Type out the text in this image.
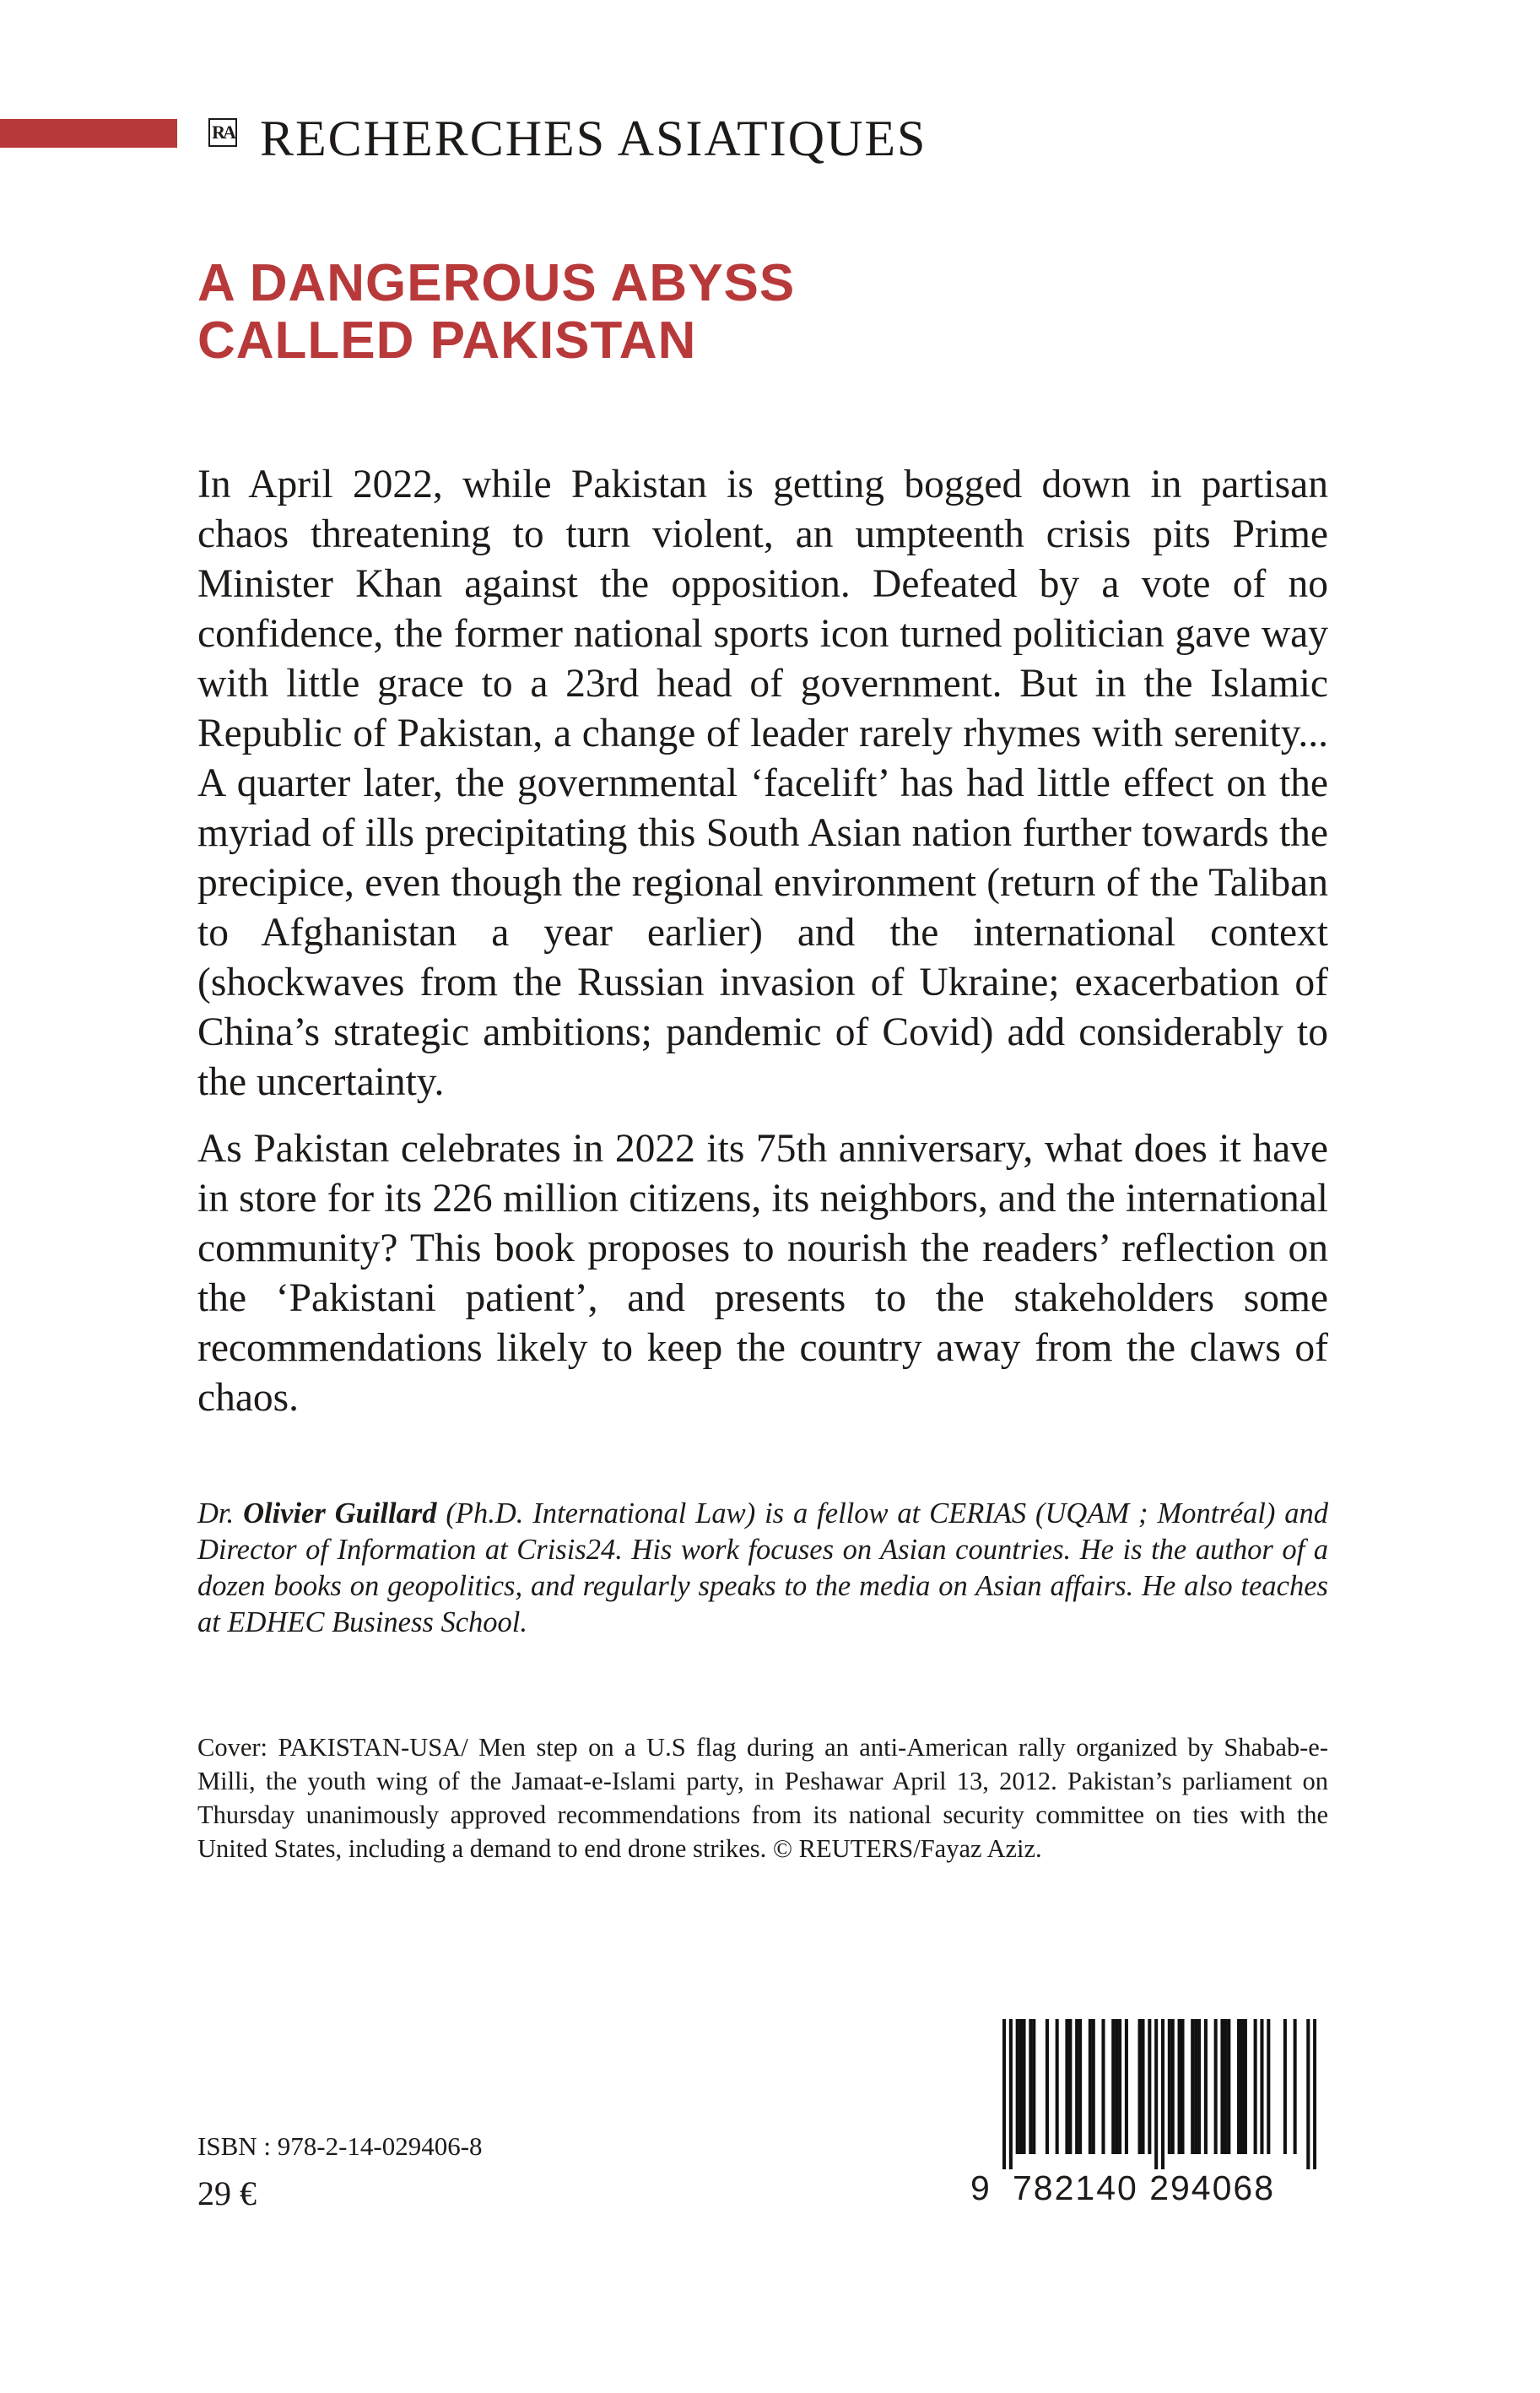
RA RECHERCHES ASIATIQUES
A DANGEROUS ABYSS
CALLED PAKISTAN

In April 2022, while Pakistan is getting bogged down in partisan chaos threatening to turn violent, an umpteenth crisis pits Prime Minister Khan against the opposition. Defeated by a vote of no confidence, the former national sports icon turned politician gave way with little grace to a 23rd head of government. But in the Islamic Republic of Pakistan, a change of leader rarely rhymes with serenity... A quarter later, the governmental ‘facelift’ has had little effect on the myriad of ills precipitating this South Asian nation further towards the precipice, even though the regional environment (return of the Taliban to Afghanistan a year earlier) and the international context (shockwaves from the Russian invasion of Ukraine; exacerbation of China’s strategic ambitions; pandemic of Covid) add considerably to the uncertainty.

As Pakistan celebrates in 2022 its 75th anniversary, what does it have in store for its 226 million citizens, its neighbors, and the international community? This book proposes to nourish the readers’ reflection on the ‘Pakistani patient’, and presents to the stakeholders some recommendations likely to keep the country away from the claws of chaos.

Dr. Olivier Guillard (Ph.D. International Law) is a fellow at CERIAS (UQAM ; Montréal) and Director of Information at Crisis24. His work focuses on Asian countries. He is the author of a dozen books on geopolitics, and regularly speaks to the media on Asian affairs. He also teaches at EDHEC Business School.

Cover: PAKISTAN-USA/ Men step on a U.S flag during an anti-American rally organized by Shabab-e-Milli, the youth wing of the Jamaat-e-Islami party, in Peshawar April 13, 2012. Pakistan’s parliament on Thursday unanimously approved recommendations from its national security committee on ties with the United States, including a demand to end drone strikes. © REUTERS/Fayaz Aziz.

ISBN : 978-2-14-029406-8
29 €	9 782140 294068
